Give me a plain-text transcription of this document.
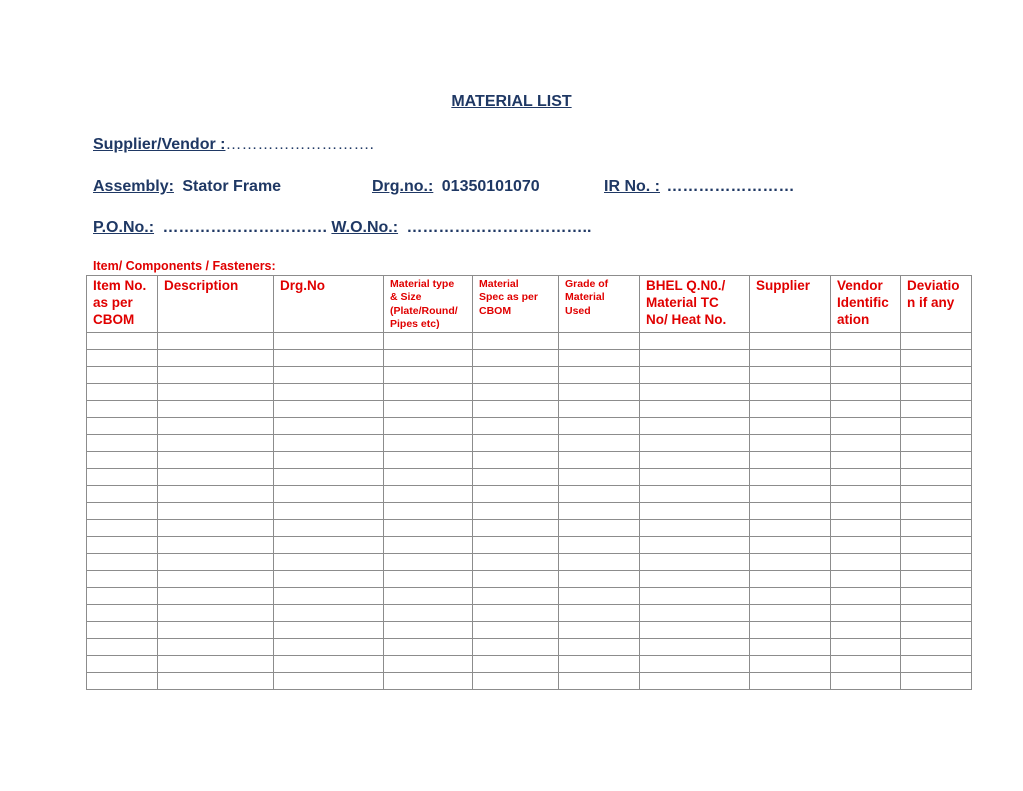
MATERIAL LIST
Supplier/Vendor :……………………….
Assembly: Stator Frame	Drg.no.: 01350101070	IR No. : ……………………
P.O.No.: …………………………. W.O.No.: ……………………………..
Item/ Components / Fasteners:
Item No.
as per
CBOM	Description	Drg.No	Material type
& Size
(Plate/Round/
Pipes etc)	Material
Spec as per
CBOM	Grade of
Material
Used	BHEL Q.N0./
Material TC
No/ Heat No.	Supplier	Vendor
Identific
ation	Deviatio
n if any
